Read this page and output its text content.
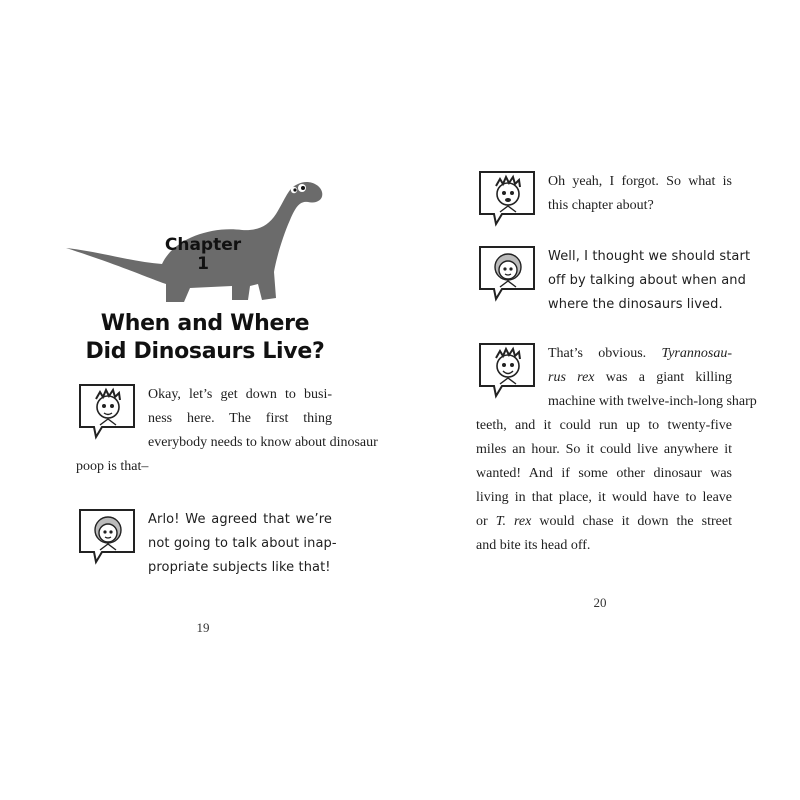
Chapter
1
When and Where
Did Dinosaurs Live?
Okay, let’s get down to busi-
ness here. The first thing
everybody needs to know about dinosaur
poop is that–
Arlo! We agreed that we’re
not going to talk about inap-
propriate subjects like that!
19
Oh yeah, I forgot. So what is
this chapter about?
Well, I thought we should start
off by talking about when and
where the dinosaurs lived.
That’s obvious. Tyrannosau-
rus rex was a giant killing
machine with twelve-inch-long sharp
teeth, and it could run up to twenty-five
miles an hour. So it could live anywhere it
wanted! And if some other dinosaur was
living in that place, it would have to leave
or T. rex would chase it down the street
and bite its head off.
20
